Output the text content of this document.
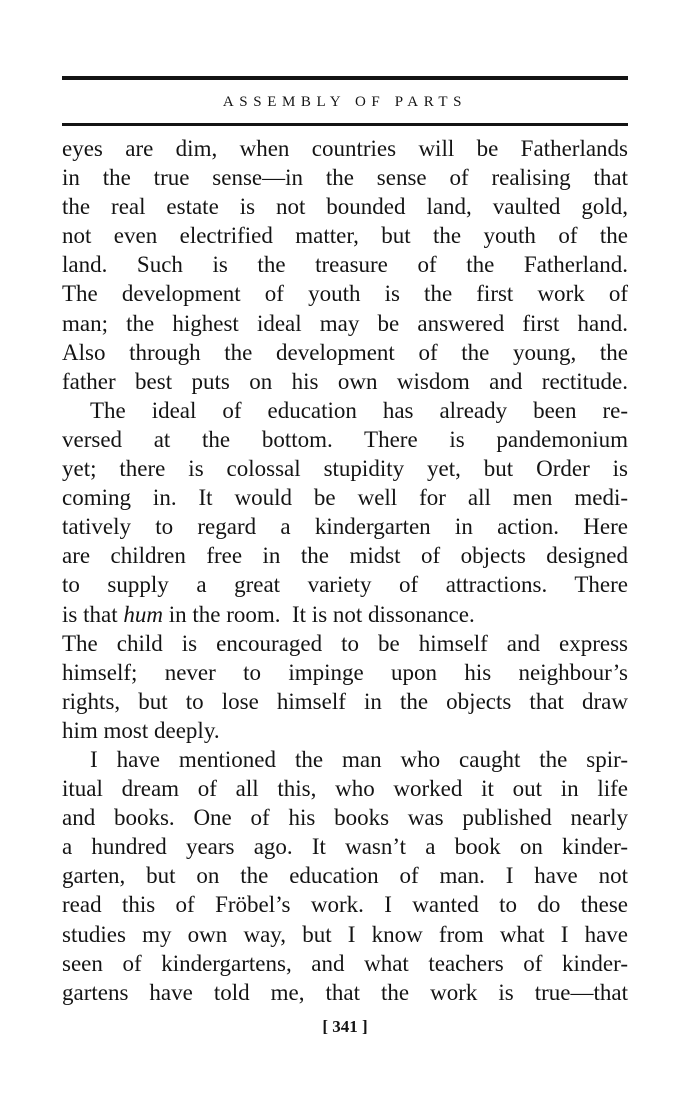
ASSEMBLY OF PARTS
eyes are dim, when countries will be Fatherlands
in the true sense—in the sense of realising that
the real estate is not bounded land, vaulted gold,
not even electrified matter, but the youth of the
land. Such is the treasure of the Fatherland.
The development of youth is the first work of
man; the highest ideal may be answered first hand.
Also through the development of the young, the
father best puts on his own wisdom and rectitude.
The ideal of education has already been re-
versed at the bottom. There is pandemonium
yet; there is colossal stupidity yet, but Order is
coming in. It would be well for all men medi-
tatively to regard a kindergarten in action. Here
are children free in the midst of objects designed
to supply a great variety of attractions. There
is that hum in the room.  It is not dissonance.
The child is encouraged to be himself and express
himself; never to impinge upon his neighbour’s
rights, but to lose himself in the objects that draw
him most deeply.
I have mentioned the man who caught the spir-
itual dream of all this, who worked it out in life
and books. One of his books was published nearly
a hundred years ago. It wasn’t a book on kinder-
garten, but on the education of man. I have not
read this of Fröbel’s work. I wanted to do these
studies my own way, but I know from what I have
seen of kindergartens, and what teachers of kinder-
gartens have told me, that the work is true—that
[ 341 ]
